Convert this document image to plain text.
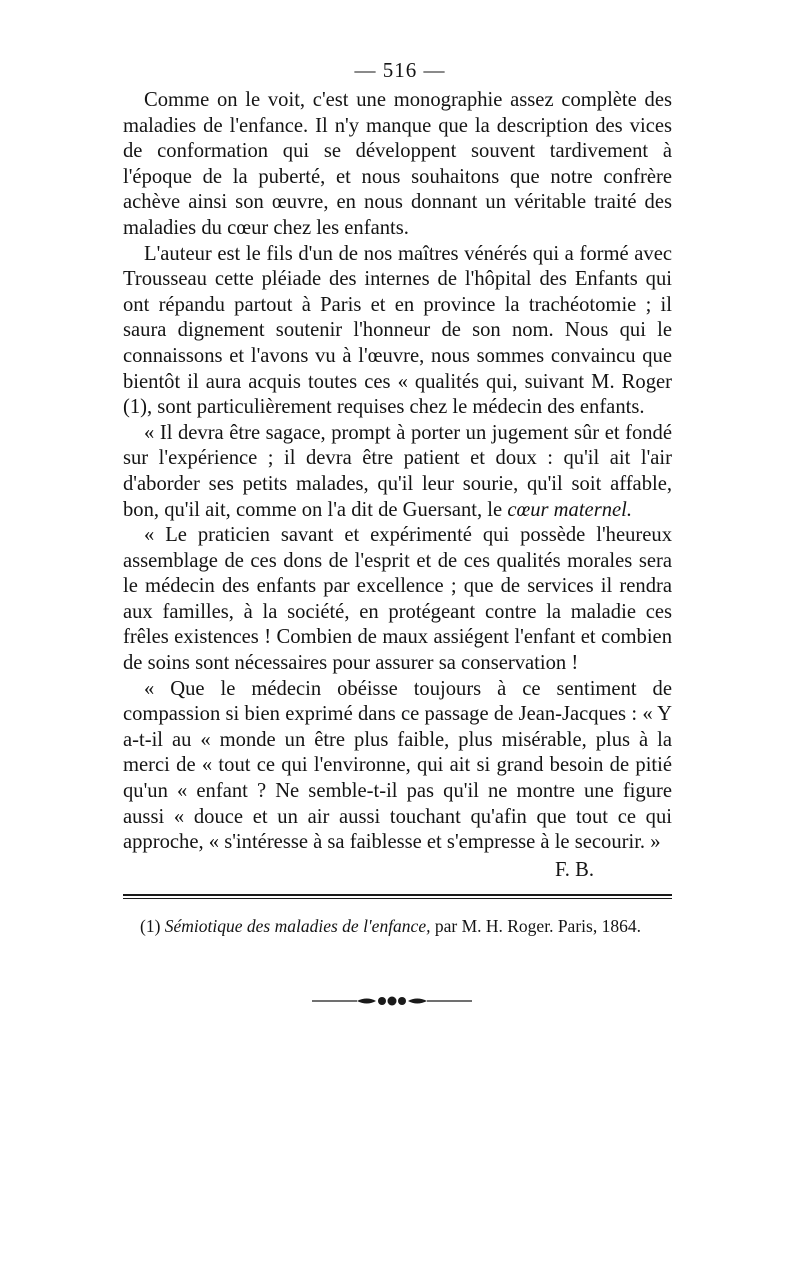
— 516 —

Comme on le voit, c'est une monographie assez complète des maladies de l'enfance. Il n'y manque que la description des vices de conformation qui se développent souvent tardivement à l'époque de la puberté, et nous souhaitons que notre confrère achève ainsi son œuvre, en nous donnant un véritable traité des maladies du cœur chez les enfants.

L'auteur est le fils d'un de nos maîtres vénérés qui a formé avec Trousseau cette pléiade des internes de l'hôpital des Enfants qui ont répandu partout à Paris et en province la trachéotomie ; il saura dignement soutenir l'honneur de son nom. Nous qui le connaissons et l'avons vu à l'œuvre, nous sommes convaincu que bientôt il aura acquis toutes ces « qualités qui, suivant M. Roger (1), sont particulièrement requises chez le médecin des enfants.

« Il devra être sagace, prompt à porter un jugement sûr et fondé sur l'expérience ; il devra être patient et doux : qu'il ait l'air d'aborder ses petits malades, qu'il leur sourie, qu'il soit affable, bon, qu'il ait, comme on l'a dit de Guersant, le cœur maternel.

« Le praticien savant et expérimenté qui possède l'heureux assemblage de ces dons de l'esprit et de ces qualités morales sera le médecin des enfants par excellence ; que de services il rendra aux familles, à la société, en protégeant contre la maladie ces frêles existences ! Combien de maux assiégent l'enfant et combien de soins sont nécessaires pour assurer sa conservation !

« Que le médecin obéisse toujours à ce sentiment de compassion si bien exprimé dans ce passage de Jean-Jacques : « Y a-t-il au « monde un être plus faible, plus misérable, plus à la merci de « tout ce qui l'environne, qui ait si grand besoin de pitié qu'un « enfant ? Ne semble-t-il pas qu'il ne montre une figure aussi « douce et un air aussi touchant qu'afin que tout ce qui approche, « s'intéresse à sa faiblesse et s'empresse à le secourir. »

F. B.
(1) Sémiotique des maladies de l'enfance, par M. H. Roger. Paris, 1864.
